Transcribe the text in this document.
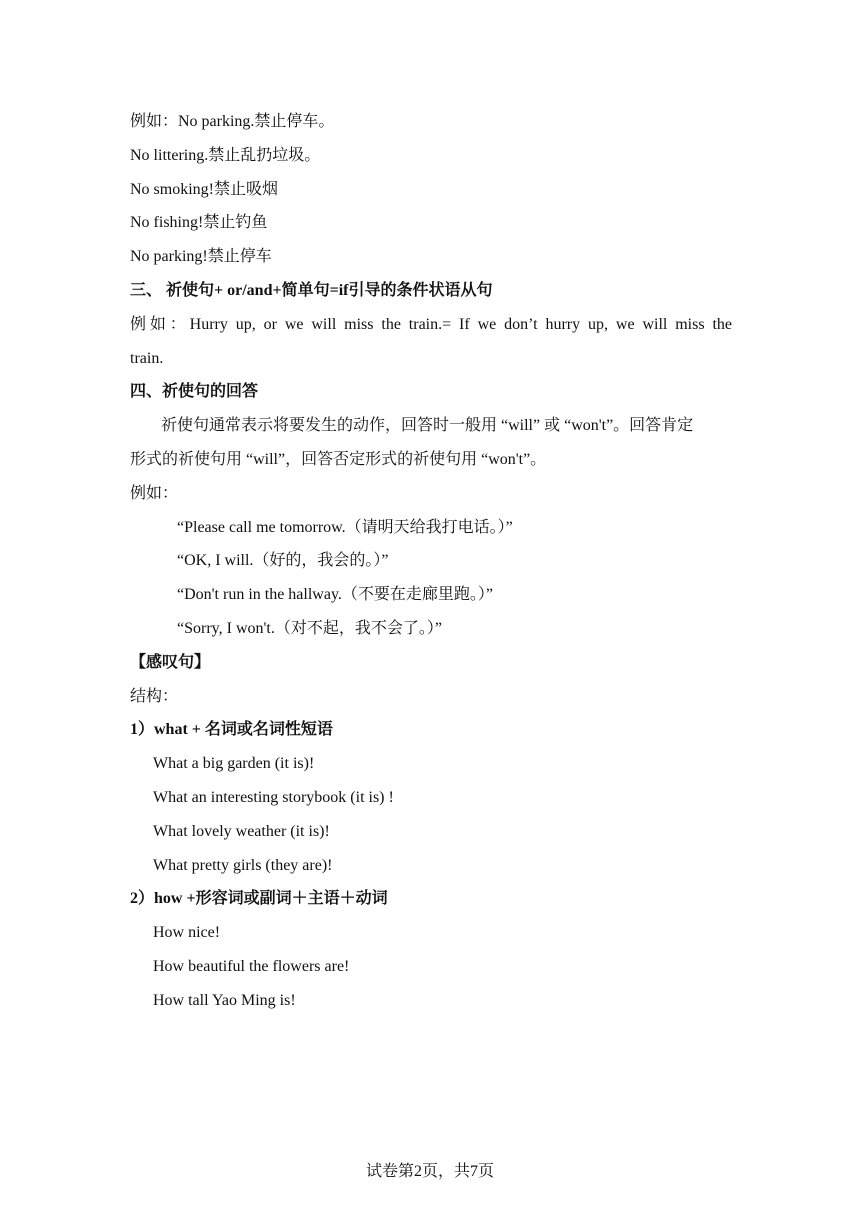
例如：No parking.禁止停车。
No littering.禁止乱扔垃圾。
No smoking!禁止吸烟
No fishing!禁止钓鱼
No parking!禁止停车
三、 祈使句+ or/and+简单句=if引导的条件状语从句
例如：Hurry up, or we will miss the train.= If we don’t hurry up, we will miss the
train.
四、祈使句的回答
祈使句通常表示将要发生的动作，回答时一般用 “will” 或 “won't”。回答肯定
形式的祈使句用 “will”，回答否定形式的祈使句用 “won't”。
例如：
“Please call me tomorrow.（请明天给我打电话。）”
“OK, I will.（好的，我会的。）”
“Don't run in the hallway.（不要在走廊里跑。）”
“Sorry, I won't.（对不起，我不会了。）”
【感叹句】
结构：
1）what + 名词或名词性短语
What a big garden (it is)!
What an interesting storybook (it is) !
What lovely weather (it is)!
What pretty girls (they are)!
2）how +形容词或副词＋主语＋动词
How nice!
How beautiful the flowers are!
How tall Yao Ming is!
试卷第2页，共7页
